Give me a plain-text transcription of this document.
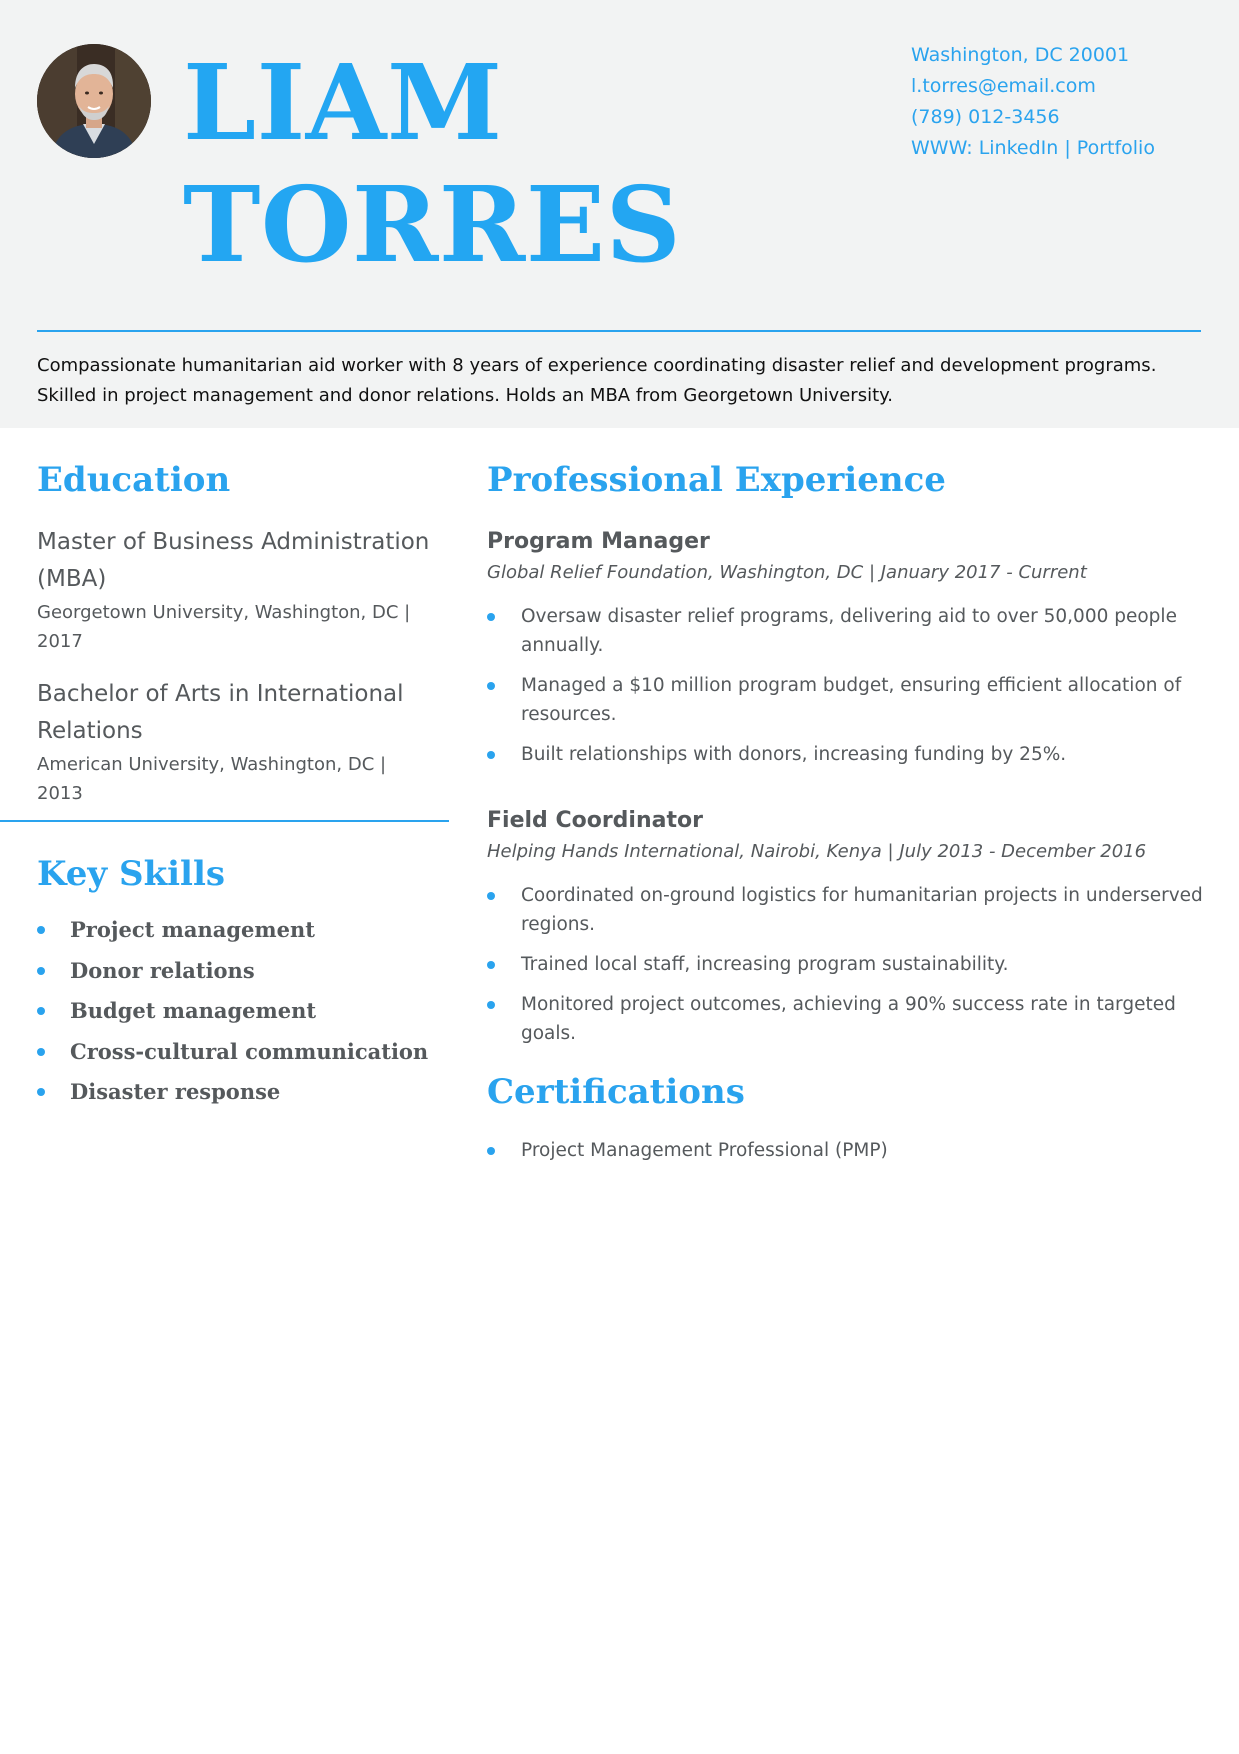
LIAM
TORRES
Washington, DC 20001
l.torres@email.com
(789) 012-3456
WWW: LinkedIn | Portfolio
Compassionate humanitarian aid worker with 8 years of experience coordinating disaster relief and development programs. Skilled in project management and donor relations. Holds an MBA from Georgetown University.
Education
Master of Business Administration (MBA)
Georgetown University, Washington, DC | 2017
Bachelor of Arts in International Relations
American University, Washington, DC | 2013
Key Skills
Project management
Donor relations
Budget management
Cross-cultural communication
Disaster response
Professional Experience
Program Manager
Global Relief Foundation, Washington, DC | January 2017 - Current
Oversaw disaster relief programs, delivering aid to over 50,000 people annually.
Managed a $10 million program budget, ensuring efficient allocation of resources.
Built relationships with donors, increasing funding by 25%.
Field Coordinator
Helping Hands International, Nairobi, Kenya | July 2013 - December 2016
Coordinated on-ground logistics for humanitarian projects in underserved regions.
Trained local staff, increasing program sustainability.
Monitored project outcomes, achieving a 90% success rate in targeted goals.
Certifications
Project Management Professional (PMP)
